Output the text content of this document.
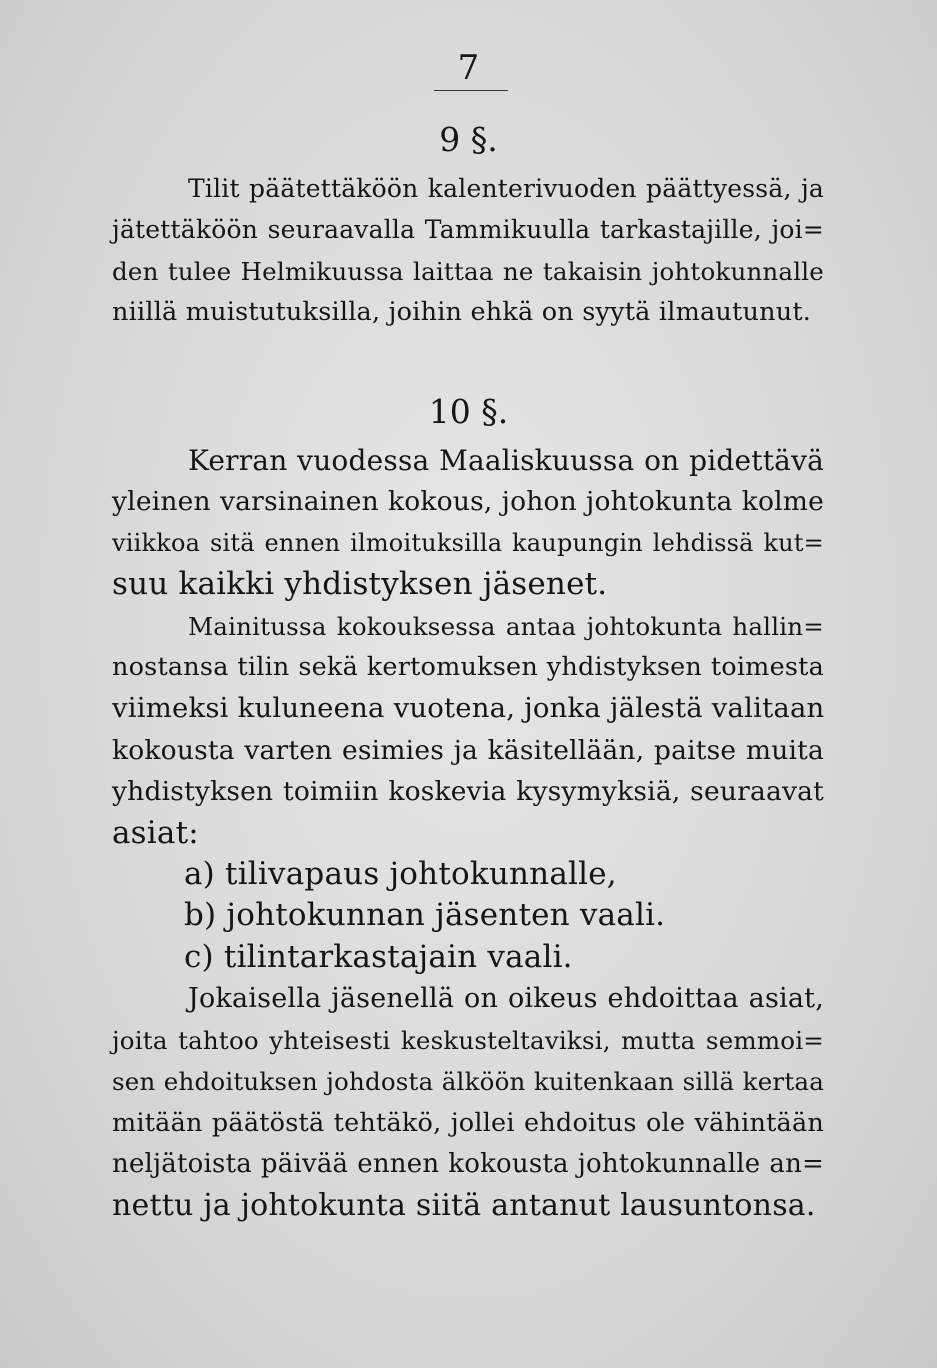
7
9 §.
Tilit päätettäköön kalenterivuoden päättyessä, ja
jätettäköön seuraavalla Tammikuulla tarkastajille, joi=
den tulee Helmikuussa laittaa ne takaisin johtokunnalle
niillä muistutuksilla, joihin ehkä on syytä ilmautunut.
10 §.
Kerran vuodessa Maaliskuussa on pidettävä
yleinen varsinainen kokous, johon johtokunta kolme
viikkoa sitä ennen ilmoituksilla kaupungin lehdissä kut=
suu kaikki yhdistyksen jäsenet.
Mainitussa kokouksessa antaa johtokunta hallin=
nostansa tilin sekä kertomuksen yhdistyksen toimesta
viimeksi kuluneena vuotena, jonka jälestä valitaan
kokousta varten esimies ja käsitellään, paitse muita
yhdistyksen toimiin koskevia kysymyksiä, seuraavat
asiat:
a) tilivapaus johtokunnalle,
b) johtokunnan jäsenten vaali.
c) tilintarkastajain vaali.
Jokaisella jäsenellä on oikeus ehdoittaa asiat,
joita tahtoo yhteisesti keskusteltaviksi, mutta semmoi=
sen ehdoituksen johdosta älköön kuitenkaan sillä kertaa
mitään päätöstä tehtäkö, jollei ehdoitus ole vähintään
neljätoista päivää ennen kokousta johtokunnalle an=
nettu ja johtokunta siitä antanut lausuntonsa.
